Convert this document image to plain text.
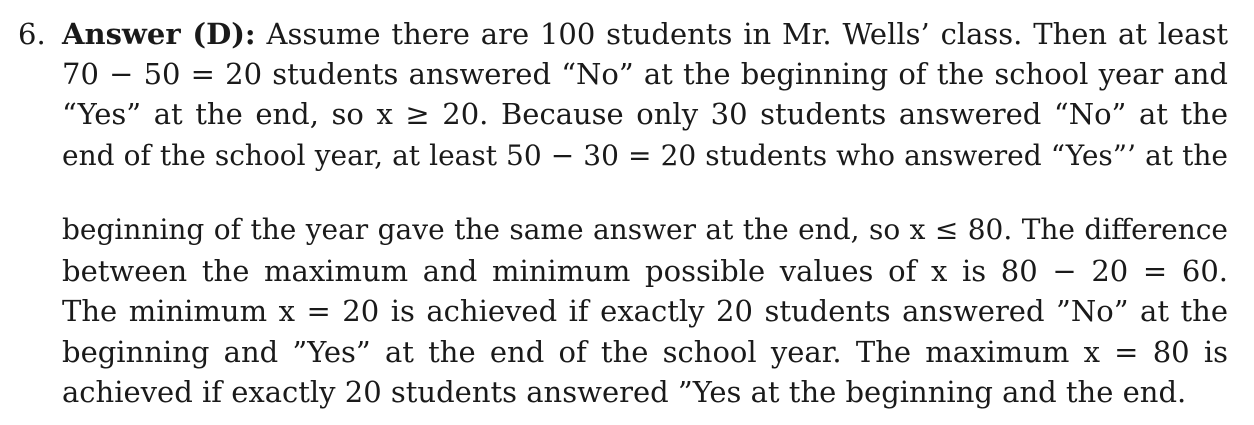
6. Answer (D): Assume there are 100 students in Mr. Wells’ class. Then at least
70 − 50 = 20 students answered “No” at the beginning of the school year and
“Yes” at the end, so x ≥ 20. Because only 30 students answered “No” at the
end of the school year, at least 50 − 30 = 20 students who answered “Yes”’ at the
beginning of the year gave the same answer at the end, so x ≤ 80. The difference
between the maximum and minimum possible values of x is 80 − 20 = 60.
The minimum x = 20 is achieved if exactly 20 students answered ”No” at the
beginning and ”Yes” at the end of the school year. The maximum x = 80 is
achieved if exactly 20 students answered ”Yes at the beginning and the end.
